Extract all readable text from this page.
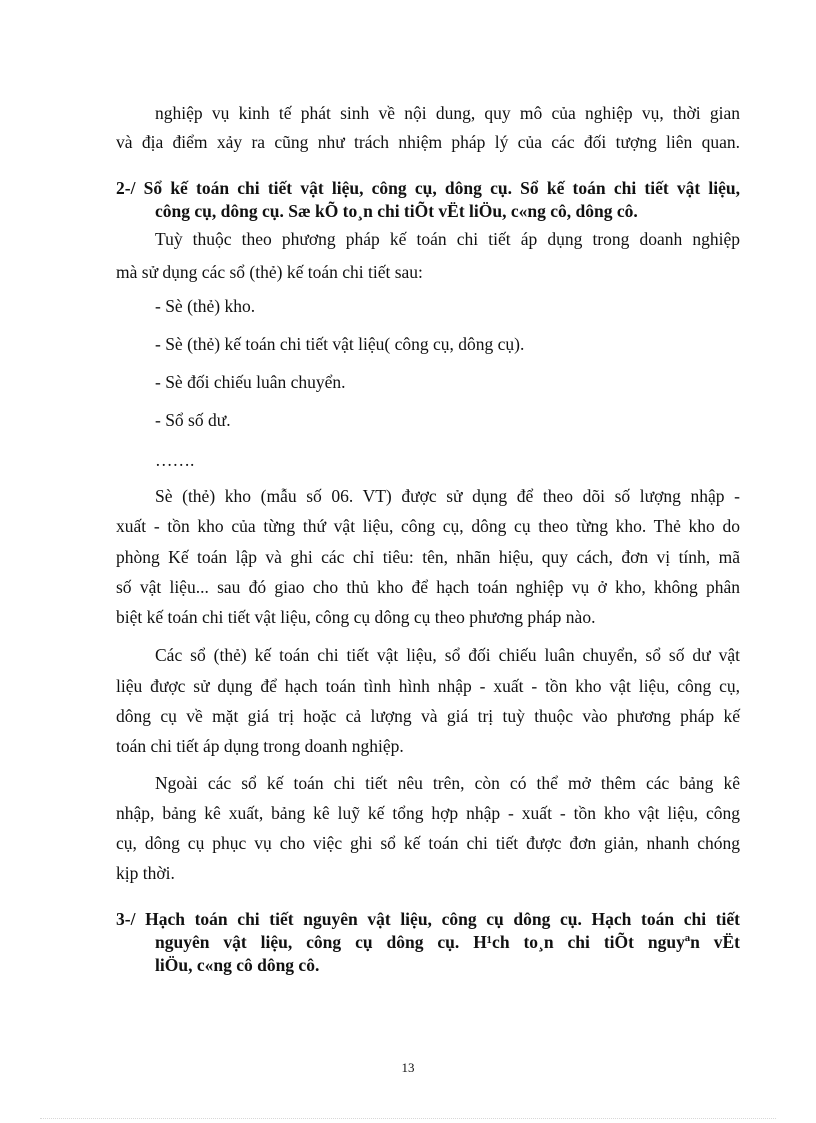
nghiệp vụ kinh tế phát sinh về nội dung, quy mô của nghiệp vụ, thời gian
và địa điểm xảy ra cũng như trách nhiệm pháp lý của các đối tượng liên quan.
2-/ Sổ kế toán chi tiết vật liệu, công cụ, dông cụ. Sổ kế toán chi tiết vật liệu,
công cụ, dông cụ. Sæ kÕ to¸n chi tiÕt vËt liÖu, c«ng cô, dông cô.
Tuỳ thuộc theo phương pháp kế toán chi tiết áp dụng trong doanh nghiệp
mà sử dụng các sổ (thẻ) kế toán chi tiết sau:
- Sè (thẻ) kho.
- Sè (thẻ) kế toán chi tiết vật liệu( công cụ, dông cụ).
- Sè đối chiếu luân chuyển.
- Sổ số dư.
…….
Sè (thẻ) kho (mẫu số 06. VT) được sử dụng để theo dõi số lượng nhập -
xuất - tồn kho của từng thứ vật liệu, công cụ, dông cụ theo từng kho. Thẻ kho do
phòng Kế toán lập và ghi các chỉ tiêu: tên, nhãn hiệu, quy cách, đơn vị tính, mã
số vật liệu... sau đó giao cho thủ kho để hạch toán nghiệp vụ ở kho, không phân
biệt kế toán chi tiết vật liệu, công cụ dông cụ theo phương pháp nào.
Các sổ (thẻ) kế toán chi tiết vật liệu, sổ đối chiếu luân chuyển, sổ số dư vật
liệu được sử dụng để hạch toán tình hình nhập - xuất - tồn kho vật liệu, công cụ,
dông cụ về mặt giá trị hoặc cả lượng và giá trị tuỳ thuộc vào phương pháp kế
toán chi tiết áp dụng trong doanh nghiệp.
Ngoài các sổ kế toán chi tiết nêu trên, còn có thể mở thêm các bảng kê
nhập, bảng kê xuất, bảng kê luỹ kế tổng hợp nhập - xuất - tồn kho vật liệu, công
cụ, dông cụ phục vụ cho việc ghi sổ kế toán chi tiết được đơn giản, nhanh chóng
kịp thời.
3-/ Hạch toán chi tiết nguyên vật liệu, công cụ dông cụ. Hạch toán chi tiết
nguyên vật liệu, công cụ dông cụ. H¹ch to¸n chi tiÕt nguyªn vËt
liÖu, c«ng cô dông cô.
13
